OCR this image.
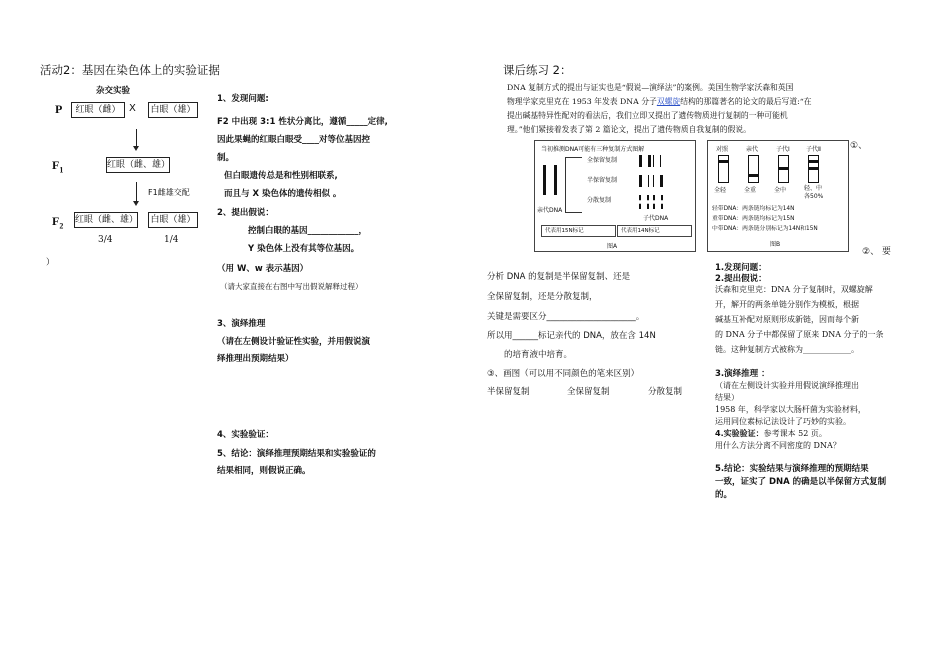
活动2：基因在染色体上的实验证据
杂交实验
P	红眼（雌） X 白眼（雄）
$F_1$	红眼（雌、雄）
F1雌雄交配
$F_2$
红眼（雌、雄） 白眼（雄）
3/4	1/4
）
1、发现问题:
F2 中出现 3:1 性状分离比，遵循_____定律,
因此果蝇的红眼白眼受____对等位基因控
制。
但白眼遗传总是和性别相联系,
而且与 X 染色体的遗传相似 。
2、提出假说：
控制白眼的基因____________，
Y 染色体上没有其等位基因。
（用 W、w 表示基因）
（请大家直接在右图中写出假说解释过程）
3、演绎推理
（请在左侧设计验证性实验，并用假说演
绎推理出预期结果）
4、实验验证：
5、结论：演绎推理预期结果和实验验证的
结果相同，则假说正确。
课后练习 2：
DNA 复制方式的提出与证实也是“假说—演绎法”的案例。美国生物学家沃森和英国
物理学家克里克在 1953 年发表 DNA 分子双螺旋结构的那篇著名的论文的最后写道:“在
提出碱基特异性配对的看法后，我们立即又提出了遗传物质进行复制的一种可能机
理。”他们紧接着发表了第 2 篇论文，提出了遗传物质自我复制的假说。
当初推测DNA可能有三种复制方式图解
全保留复制
半保留复制
分散复制
亲代DNA
子代DNA
代表用15N标记	代表用14N标记
图A
对照	亲代	子代Ⅰ	子代Ⅱ
全轻	全重	全中	轻、中
各50%
轻带DNA：两条链均标记为14N
重带DNA：两条链均标记为15N
中带DNA：两条链分别标记为14N和15N
图B
①、
②、 要
分析 DNA 的复制是半保留复制、还是
全保留复制，还是分散复制，
关键是需要区分_____________________。
所以用______标记亲代的 DNA，放在含 14N
的培育液中培育。
③、画图（可以用不同颜色的笔来区别）
半保留复制	全保留复制	分散复制
1.发现问题：
2.提出假说：
沃森和克里克：DNA 分子复制时，双螺旋解
开，解开的两条单链分别作为模板，根据
碱基互补配对原则形成新链，因而每个新
的 DNA 分子中都保留了原来 DNA 分子的一条
链。这种复制方式被称为____________。
3.演绎推理 ：
（请在左侧设计实验并用假说演绎推理出
结果）
1958 年，科学家以大肠杆菌为实验材料，
运用同位素标记法设计了巧妙的实验。
4.实验验证：参考课本 52 页。
用什么方法分离不同密度的 DNA？
5.结论：实验结果与演绎推理的预期结果
一致，证实了 DNA 的确是以半保留方式复制
的。
